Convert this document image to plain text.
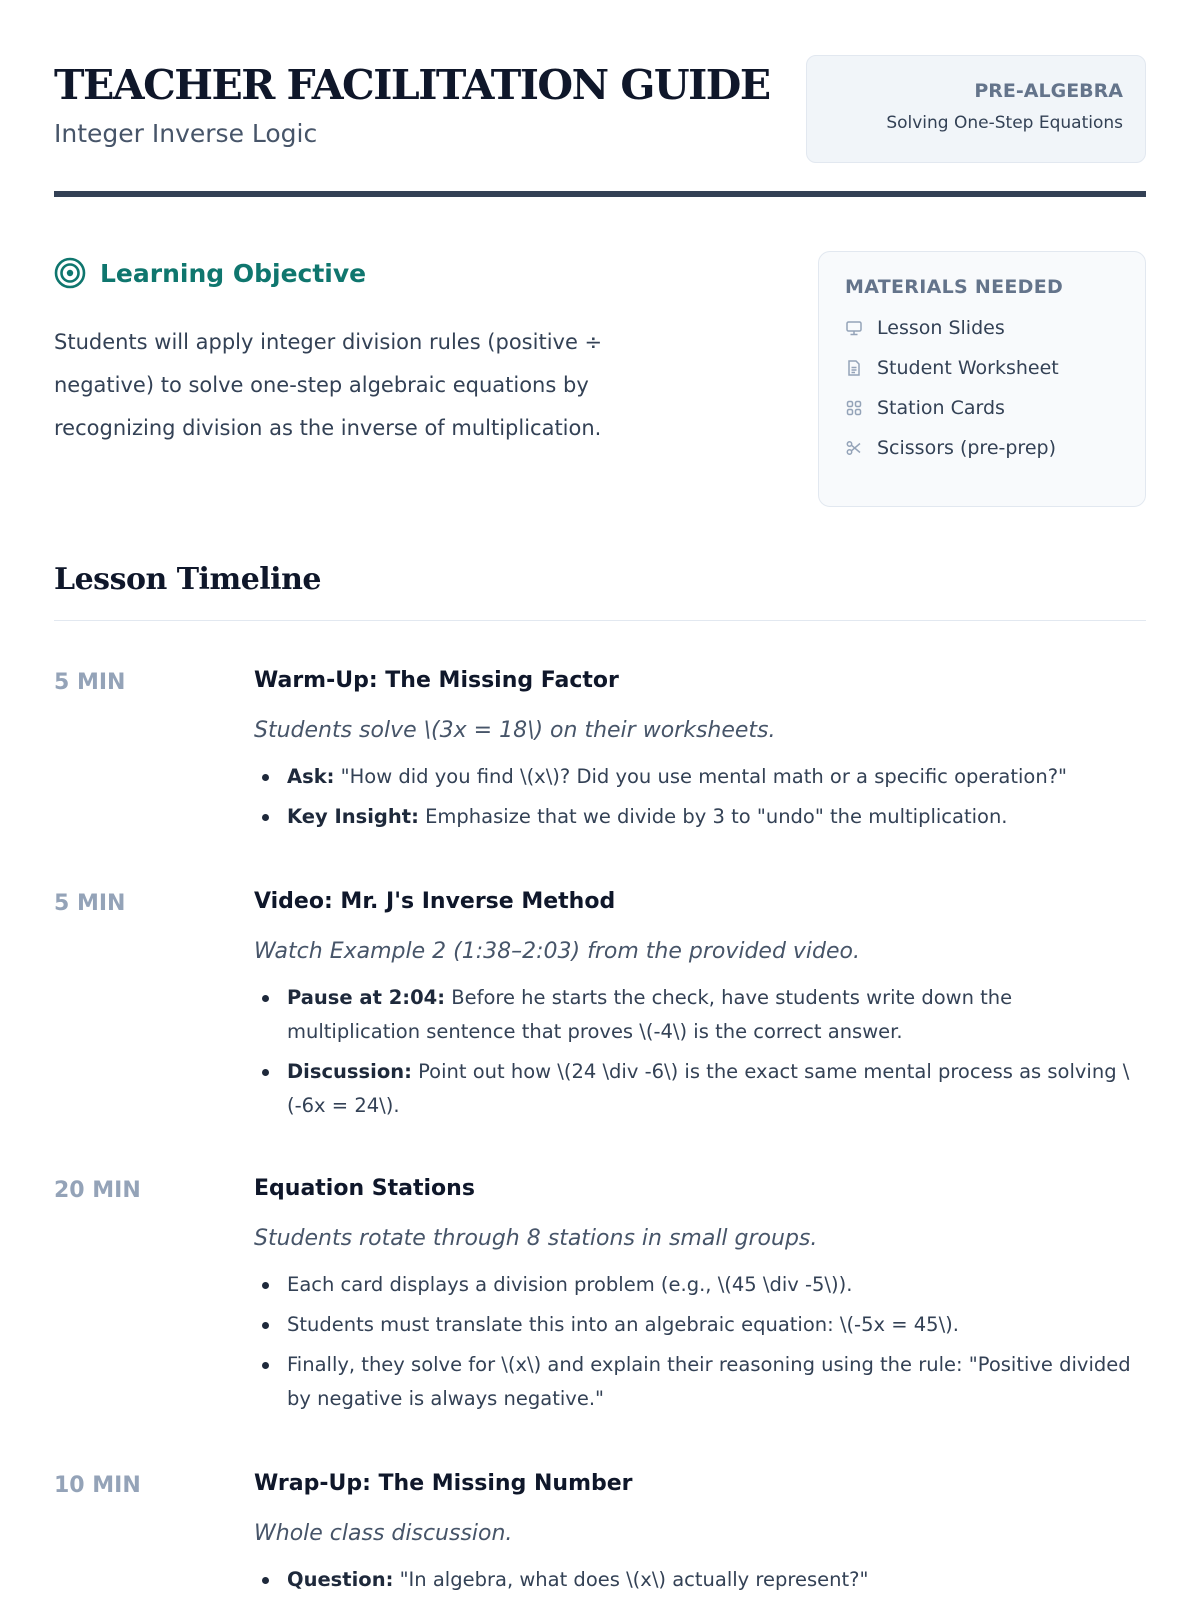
TEACHER FACILITATION GUIDE
Integer Inverse Logic
PRE-ALGEBRA
Solving One-Step Equations
Learning Objective
Students will apply integer division rules (positive ÷ negative) to solve one-step algebraic equations by recognizing division as the inverse of multiplication.
MATERIALS NEEDED
Lesson Slides
Student Worksheet
Station Cards
Scissors (pre-prep)
Lesson Timeline
5 MIN	Warm-Up: The Missing Factor
Students solve \(3x = 18\) on their worksheets.
Ask: "How did you find \(x\)? Did you use mental math or a specific operation?"
Key Insight: Emphasize that we divide by 3 to "undo" the multiplication.
5 MIN	Video: Mr. J's Inverse Method
Watch Example 2 (1:38–2:03) from the provided video.
Pause at 2:04: Before he starts the check, have students write down the multiplication sentence that proves \(-4\) is the correct answer.
Discussion: Point out how \(24 \div -6\) is the exact same mental process as solving \(-6x = 24\).
20 MIN	Equation Stations
Students rotate through 8 stations in small groups.
Each card displays a division problem (e.g., \(45 \div -5\)).
Students must translate this into an algebraic equation: \(-5x = 45\).
Finally, they solve for \(x\) and explain their reasoning using the rule: "Positive divided by negative is always negative."
10 MIN	Wrap-Up: The Missing Number
Whole class discussion.
Question: "In algebra, what does \(x\) actually represent?"
